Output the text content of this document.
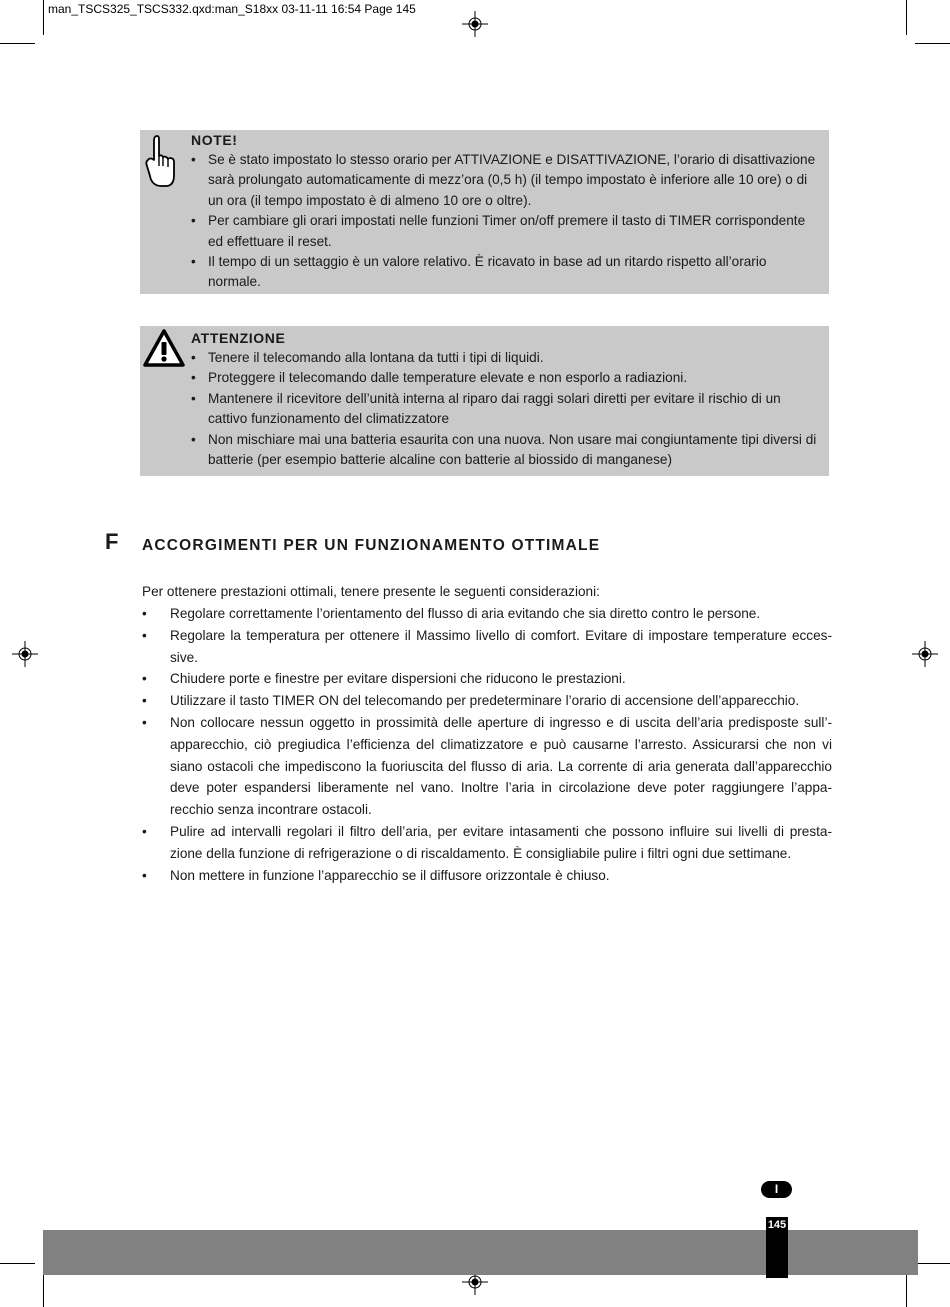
man_TSCS325_TSCS332.qxd:man_S18xx 03-11-11 16:54 Page 145
NOTE!
• Se è stato impostato lo stesso orario per ATTIVAZIONE e DISATTIVAZIONE, l’orario di disattivazione sarà prolungato automaticamente di mezz’ora (0,5 h) (il tempo impostato è inferiore alle 10 ore) o di un ora (il tempo impostato è di almeno 10 ore o oltre).
• Per cambiare gli orari impostati nelle funzioni Timer on/off premere il tasto di TIMER corrispondente ed effettuare il reset.
• Il tempo di un settaggio è un valore relativo. È ricavato in base ad un ritardo rispetto all’orario normale.
ATTENZIONE
• Tenere il telecomando alla lontana da tutti i tipi di liquidi.
• Proteggere il telecomando dalle temperature elevate e non esporlo a radiazioni.
• Mantenere il ricevitore dell’unità interna al riparo dai raggi solari diretti per evitare il rischio di un cattivo funzionamento del climatizzatore
• Non mischiare mai una batteria esaurita con una nuova. Non usare mai congiuntamente tipi diversi di batterie (per esempio batterie alcaline con batterie al biossido di manganese)
F ACCORGIMENTI PER UN FUNZIONAMENTO OTTIMALE
Per ottenere prestazioni ottimali, tenere presente le seguenti considerazioni:
• Regolare correttamente l’orientamento del flusso di aria evitando che sia diretto contro le persone.
• Regolare la temperatura per ottenere il Massimo livello di comfort. Evitare di impostare temperature ecces-sive.
• Chiudere porte e finestre per evitare dispersioni che riducono le prestazioni.
• Utilizzare il tasto TIMER ON del telecomando per predeterminare l’orario di accensione dell’apparecchio.
• Non collocare nessun oggetto in prossimità delle aperture di ingresso e di uscita dell’aria predisposte sull’-apparecchio, ciò pregiudica l’efficienza del climatizzatore e può causarne l’arresto. Assicurarsi che non vi siano ostacoli che impediscono la fuoriuscita del flusso di aria. La corrente di aria generata dall’apparecchio deve poter espandersi liberamente nel vano. Inoltre l’aria in circolazione deve poter raggiungere l’appa-recchio senza incontrare ostacoli.
• Pulire ad intervalli regolari il filtro dell’aria, per evitare intasamenti che possono influire sui livelli di presta-zione della funzione di refrigerazione o di riscaldamento. È consigliabile pulire i filtri ogni due settimane.
• Non mettere in funzione l’apparecchio se il diffusore orizzontale è chiuso.
I
145
